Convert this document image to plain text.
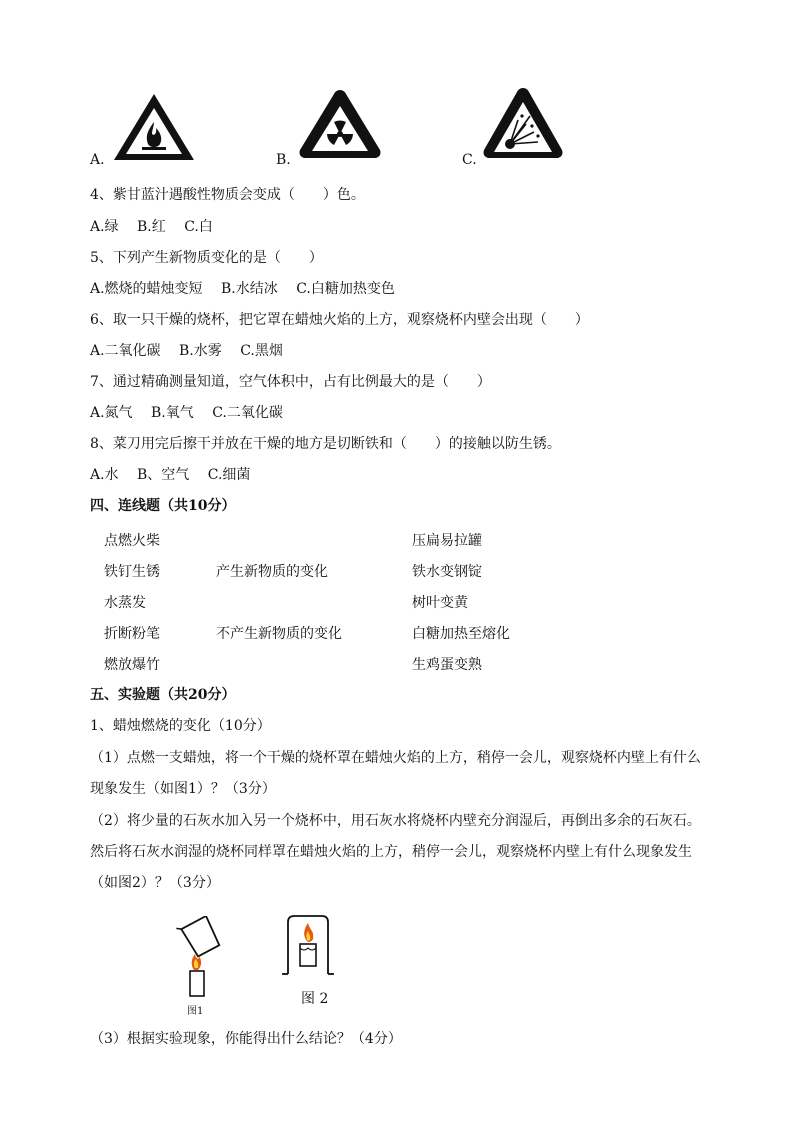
A.	B.	C.
4、紫甘蓝汁遇酸性物质会变成（　　）色。
A.绿　 B.红　 C.白
5、下列产生新物质变化的是（　　）
A.燃烧的蜡烛变短　 B.水结冰　 C.白糖加热变色
6、取一只干燥的烧杯，把它罩在蜡烛火焰的上方，观察烧杯内壁会出现（　　）
A.二氧化碳　 B.水雾　 C.黑烟
7、通过精确测量知道，空气体积中，占有比例最大的是（　　）
A.氮气　 B.氧气　 C.二氧化碳
8、菜刀用完后擦干并放在干燥的地方是切断铁和（　　）的接触以防生锈。
A.水　 B、空气　 C.细菌
四、连线题（共10分）
点燃火柴
铁钉生锈
水蒸发
折断粉笔
燃放爆竹
产生新物质的变化
不产生新物质的变化
压扁易拉罐
铁水变钢锭
树叶变黄
白糖加热至熔化
生鸡蛋变熟
五、实验题（共20分）
1、蜡烛燃烧的变化（10分）
（1）点燃一支蜡烛，将一个干燥的烧杯罩在蜡烛火焰的上方，稍停一会儿，观察烧杯内壁上有什么
现象发生（如图1）？（3分）
（2）将少量的石灰水加入另一个烧杯中，用石灰水将烧杯内壁充分润湿后，再倒出多余的石灰石。
然后将石灰水润湿的烧杯同样罩在蜡烛火焰的上方，稍停一会儿，观察烧杯内壁上有什么现象发生
（如图2）？（3分）
图1
图 2
（3）根据实验现象，你能得出什么结论？（4分）
